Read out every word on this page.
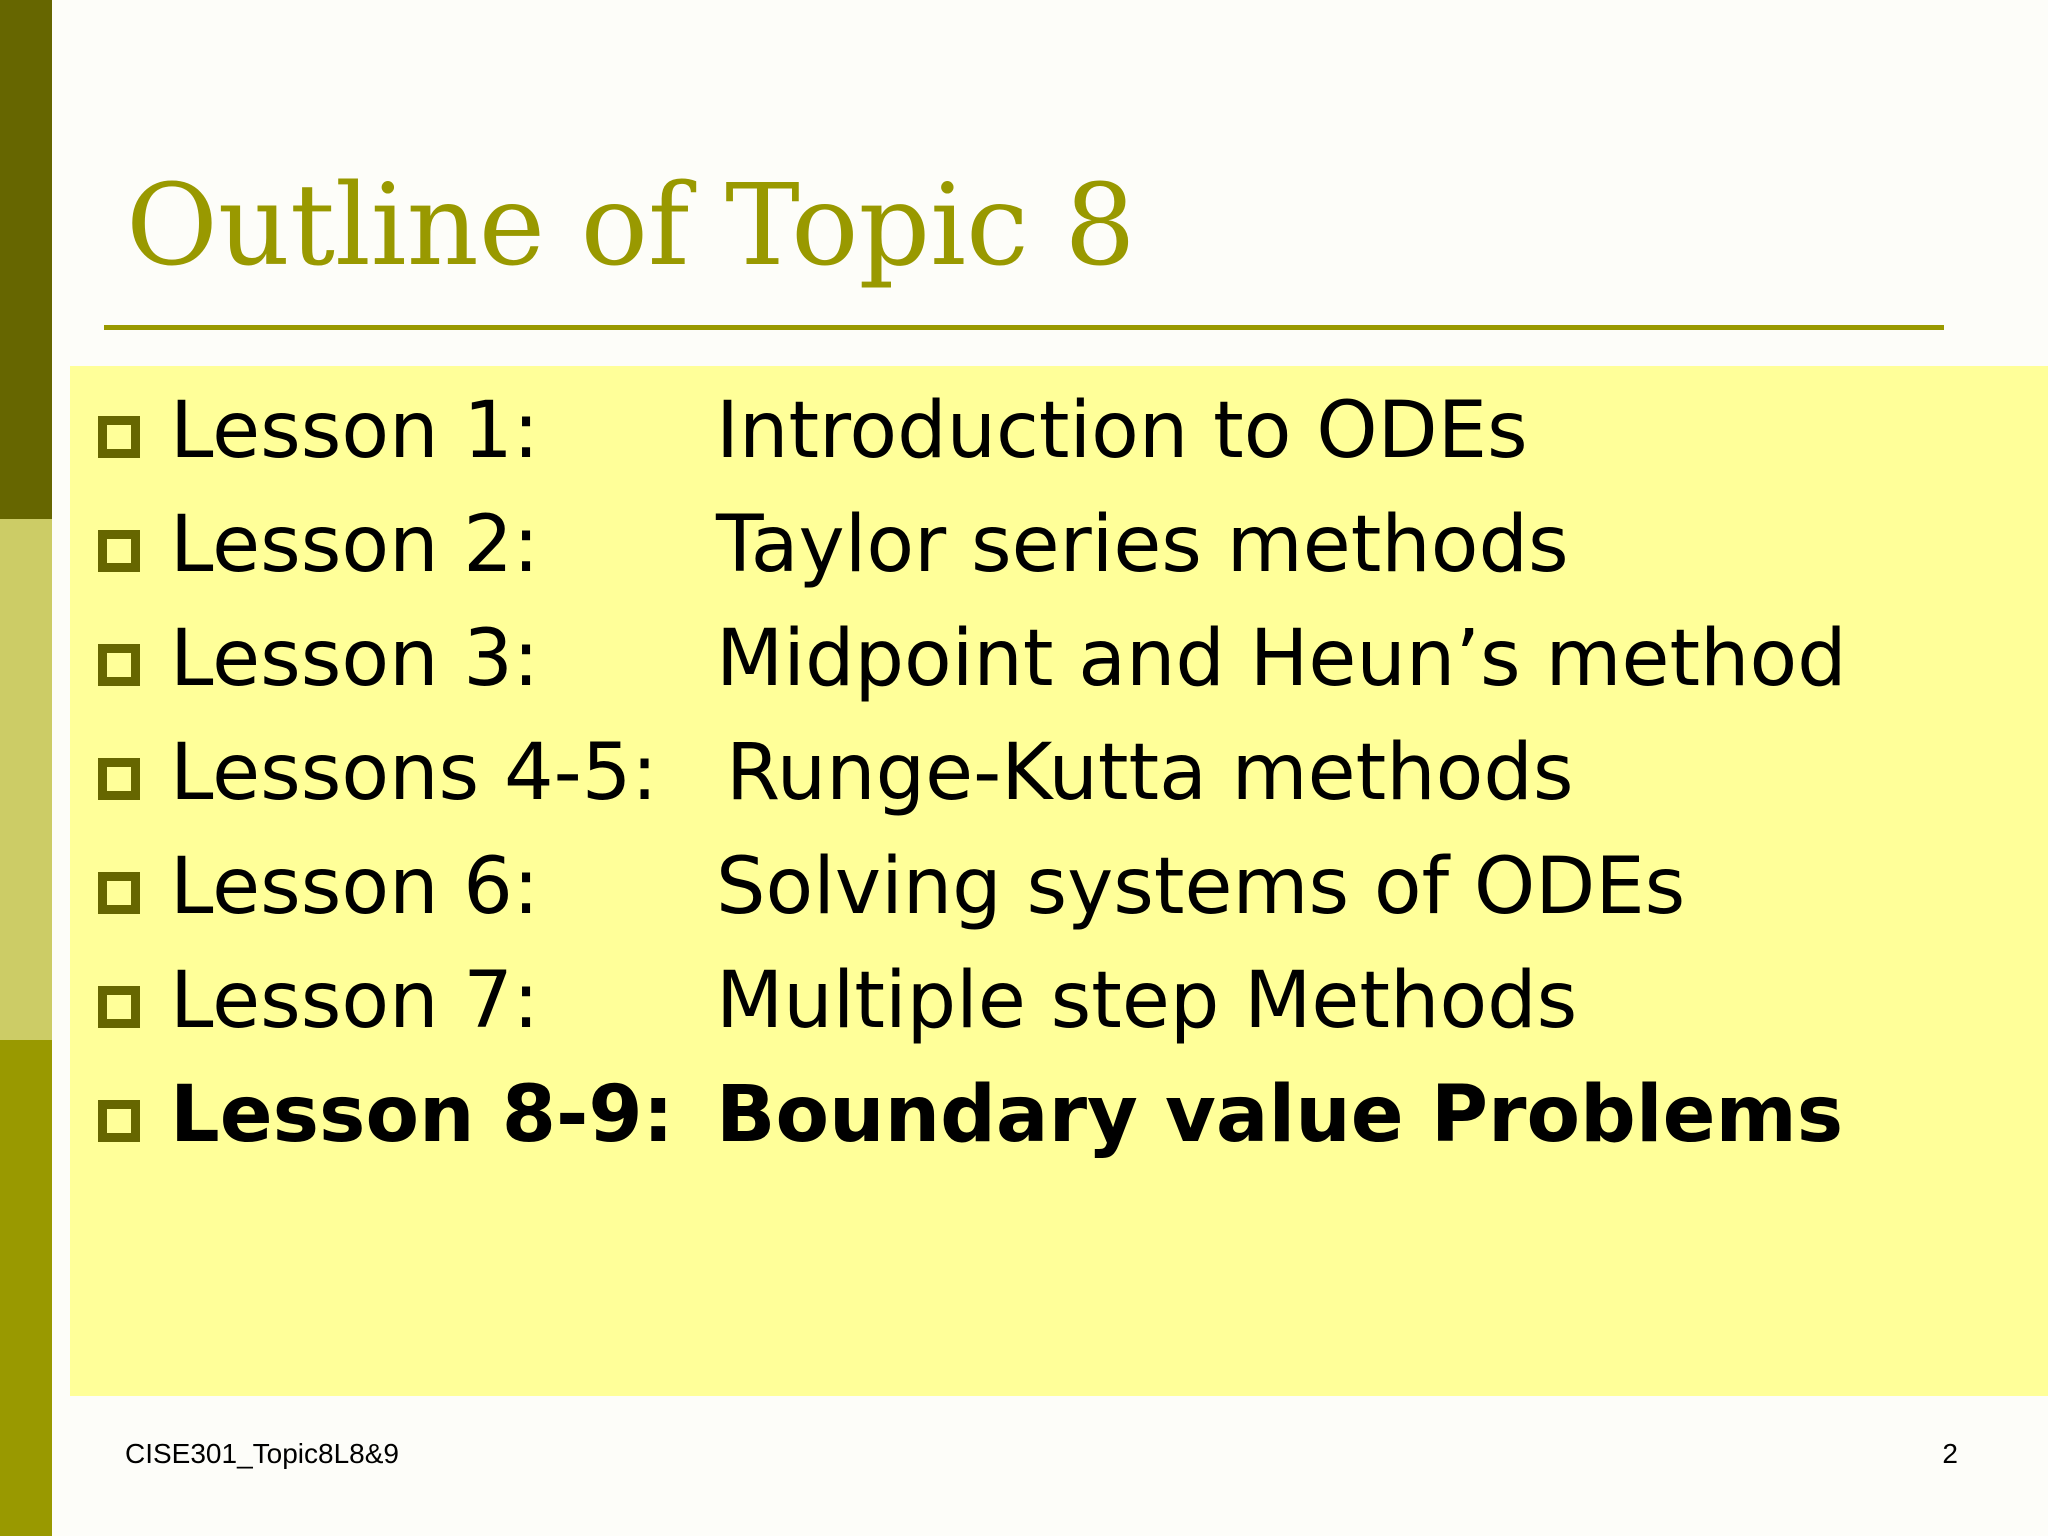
Outline of Topic 8
Lesson 1: Introduction to ODEs
Lesson 2: Taylor series methods
Lesson 3: Midpoint and Heun’s method
Lessons 4-5: Runge-Kutta methods
Lesson 6: Solving systems of ODEs
Lesson 7: Multiple step Methods
Lesson 8-9: Boundary value Problems
CISE301_Topic8L8&9	2
